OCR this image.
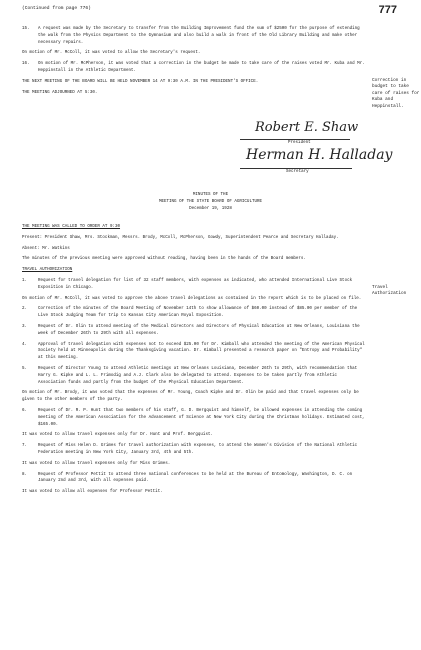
(Continued from page 776)	777
15.	A request was made by the Secretary to transfer from the Building Improvement fund the sum of $2500 for the purpose of extending the walk from the Physics Department to the Gymnasium and also build a walk in front of the Old Library Building and make other necessary repairs.
On motion of Mr. McColl, it was voted to allow the Secretary's request.
16.	On motion of Mr. McPherson, it was voted that a correction in the budget be made to take care of the raises voted Mr. Kuba and Mr. Heppinstall in the Athletic Department.
THE NEXT MEETING OF THE BOARD WILL BE HELD NOVEMBER 14 AT 9:30 A.M. IN THE PRESIDENT'S OFFICE.
THE MEETING ADJOURNED AT 5:30.
Correction in budget to take care of raises for Kuba and Heppinstall.
Robert E. Shaw
President
Herman H. Halladay
Secretary
MINUTES OF THE
MEETING OF THE STATE BOARD OF AGRICULTURE
December 19, 1928
THE MEETING WAS CALLED TO ORDER AT 9:30
Present: President Shaw, Mrs. Stockman, Messrs. Brody, McColl, McPherson, Gowdy, Superintendent Pearce and Secretary Halladay.
Absent: Mr. Watkins
The minutes of the previous meeting were approved without reading, having been in the hands of the Board members.
TRAVEL AUTHORIZATION
1.	Request for travel delegation for list of 32 staff members, with expenses as indicated, who attended International Live Stock Exposition in Chicago.
On motion of Mr. McColl, it was voted to approve the above travel delegations as contained in the report which is to be placed on file.
2.	Correction of the minutes of the Board Meeting of November 14th to show allowance of $60.00 instead of $85.00 per member of the Live Stock Judging Team for trip to Kansas City American Royal Exposition.
3.	Request of Dr. Olin to attend meeting of the Medical Directors and Directors of Physical Education at New Orleans, Louisiana the week of December 26th to 29th with all expenses.
4.	Approval of travel delegation with expenses not to exceed $25.00 for Dr. Kimball who attended the meeting of the American Physical Society held at Minneapolis during the Thanksgiving vacation. Dr. Kimball presented a research paper on "Entropy and Probability" at this meeting.
5.	Request of Director Young to attend Athletic meetings at New Orleans Louisiana, December 26th to 29th, with recommendation that Harry G. Kipke and L. L. Frimodig and A.J. Clark also be delegated to attend. Expenses to be taken partly from Athletic Association funds and partly from the budget of the Physical Education Department.
On motion of Mr. Brody, it was voted that the expenses of Mr. Young, Coach Kipke and Dr. Olin be paid and that travel expenses only be given to the other members of the party.
6.	Request of Dr. R. P. Hunt that two members of his staff, G. D. Bergquist and himself, be allowed expenses in attending the coming meeting of the American Association for the Advancement of Science at New York City during the Christmas holidays. Estimated cost, $165.00.
It was voted to allow travel expenses only for Dr. Hunt and Prof. Bergquist.
7.	Request of Miss Helen D. Grimes for travel authorization with expenses, to attend the Women's Division of the National Athletic Federation meeting in New York City, January 3rd, 4th and 5th.
It was voted to allow travel expenses only for Miss Grimes.
8.	Request of Professor Pettit to attend three national conferences to be held at the Bureau of Entomology, Washington, D. C. on January 2nd and 3rd, with all expenses paid.
It was voted to allow all expenses for Professor Pettit.
Travel Authorization
